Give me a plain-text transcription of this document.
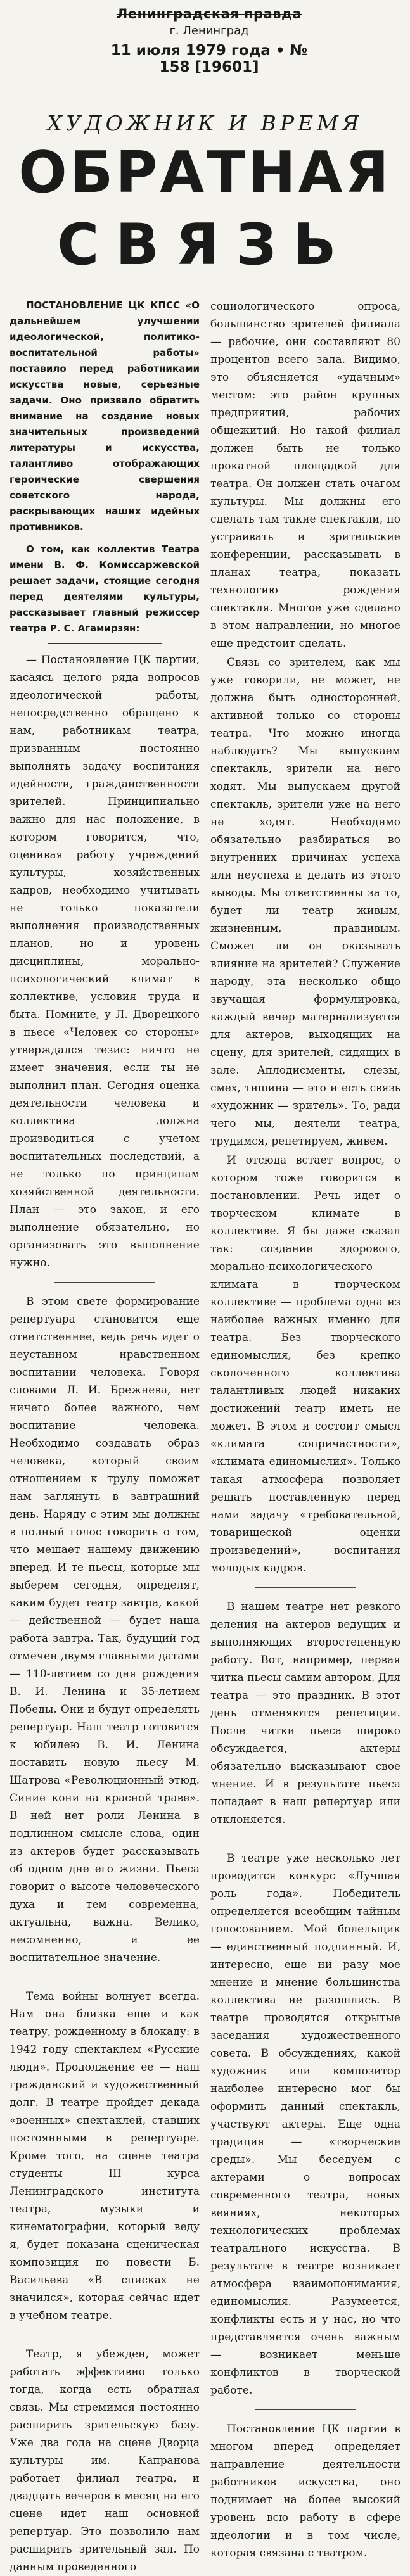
Ленинградская правда
г. Ленинград
11 июля 1979 года • № 158 [19601]
ХУДОЖНИК И ВРЕМЯ
ОБРАТНАЯ
СВЯЗЬ

ПОСТАНОВЛЕНИЕ ЦК КПСС «О дальнейшем улучшении идеологической, политико-воспитательной работы» поставило перед работниками искусства новые, серьезные задачи. Оно призвало обратить внимание на создание новых значительных произведений литературы и искусства, талантливо отображающих героические свершения советского народа, раскрывающих наших идейных противников.

О том, как коллектив Театра имени В. Ф. Комиссаржевской решает задачи, стоящие сегодня перед деятелями культуры, рассказывает главный режиссер театра Р. С. Агамирзян:

— Постановление ЦК партии, касаясь целого ряда вопросов идеологической работы, непосредственно обращено к нам, работникам театра, призванным постоянно выполнять задачу воспитания идейности, гражданственности зрителей. Принципиально важно для нас положение, в котором говорится, что, оценивая работу учреждений культуры, хозяйственных кадров, необходимо учитывать не только показатели выполнения производственных планов, но и уровень дисциплины, морально-психологический климат в коллективе, условия труда и быта. Помните, у Л. Дворецкого в пьесе «Человек со стороны» утверждался тезис: ничто не имеет значения, если ты не выполнил план. Сегодня оценка деятельности человека и коллектива должна производиться с учетом воспитательных последствий, а не только по принципам хозяйственной деятельности. План — это закон, и его выполнение обязательно, но организовать это выполнение нужно.

В этом свете формирование репертуара становится еще ответственнее, ведь речь идет о неустанном нравственном воспитании человека. Говоря словами Л. И. Брежнева, нет ничего более важного, чем воспитание человека. Необходимо создавать образ человека, который своим отношением к труду поможет нам заглянуть в завтрашний день. Наряду с этим мы должны в полный голос говорить о том, что мешает нашему движению вперед. И те пьесы, которые мы выберем сегодня, определят, каким будет театр завтра, какой — действенной — будет наша работа завтра. Так, будущий год отмечен двумя главными датами — 110-летием со дня рождения В. И. Ленина и 35-летием Победы. Они и будут определять репертуар. Наш театр готовится к юбилею В. И. Ленина поставить новую пьесу М. Шатрова «Революционный этюд. Синие кони на красной траве». В ней нет роли Ленина в подлинном смысле слова, один из актеров будет рассказывать об одном дне его жизни. Пьеса говорит о высоте человеческого духа и тем современна, актуальна, важна. Велико, несомненно, и ее воспитательное значение.

Тема войны волнует всегда. Нам она близка еще и как театру, рожденному в блокаду: в 1942 году спектаклем «Русские люди». Продолжение ее — наш гражданский и художественный долг. В театре пройдет декада «военных» спектаклей, ставших постоянными в репертуаре. Кроме того, на сцене театра студенты III курса Ленинградского института театра, музыки и кинематографии, который веду я, будет показана сценическая композиция по повести Б. Васильева «В списках не значился», которая сейчас идет в учебном театре.

Театр, я убежден, может работать эффективно только тогда, когда есть обратная связь. Мы стремимся постоянно расширить зрительскую базу. Уже два года на сцене Дворца культуры им. Капранова работает филиал театра, и двадцать вечеров в месяц на его сцене идет наш основной репертуар. Это позволило нам расширить зрительный зал. По данным проведенного

социологического опроса, большинство зрителей филиала — рабочие, они составляют 80 процентов всего зала. Видимо, это объясняется «удачным» местом: это район крупных предприятий, рабочих общежитий. Но такой филиал должен быть не только прокатной площадкой для театра. Он должен стать очагом культуры. Мы должны его сделать там такие спектакли, по устраивать и зрительские конференции, рассказывать в планах театра, показать технологию рождения спектакля. Многое уже сделано в этом направлении, но многое еще предстоит сделать.

Связь со зрителем, как мы уже говорили, не может, не должна быть односторонней, активной только со стороны театра. Что можно иногда наблюдать? Мы выпускаем спектакль, зрители на него ходят. Мы выпускаем другой спектакль, зрители уже на него не ходят. Необходимо обязательно разбираться во внутренних причинах успеха или неуспеха и делать из этого выводы. Мы ответственны за то, будет ли театр живым, жизненным, правдивым. Сможет ли он оказывать влияние на зрителей? Служение народу, эта несколько общо звучащая формулировка, каждый вечер материализуется для актеров, выходящих на сцену, для зрителей, сидящих в зале. Аплодисменты, слезы, смех, тишина — это и есть связь «художник — зритель». То, ради чего мы, деятели театра, трудимся, репетируем, живем.

И отсюда встает вопрос, о котором тоже говорится в постановлении. Речь идет о творческом климате в коллективе. Я бы даже сказал так: создание здорового, морально-психологического климата в творческом коллективе — проблема одна из наиболее важных именно для театра. Без творческого единомыслия, без крепко сколоченного коллектива талантливых людей никаких достижений театр иметь не может. В этом и состоит смысл «климата сопричастности», «климата единомыслия». Только такая атмосфера позволяет решать поставленную перед нами задачу «требовательной, товарищеской оценки произведений», воспитания молодых кадров.

В нашем театре нет резкого деления на актеров ведущих и выполняющих второстепенную работу. Вот, например, первая читка пьесы самим автором. Для театра — это праздник. В этот день отменяются репетиции. После читки пьеса широко обсуждается, актеры обязательно высказывают свое мнение. И в результате пьеса попадает в наш репертуар или отклоняется.

В театре уже несколько лет проводится конкурс «Лучшая роль года». Победитель определяется всеобщим тайным голосованием. Мой болельщик — единственный подлинный. И, интересно, еще ни разу мое мнение и мнение большинства коллектива не разошлись. В театре проводятся открытые заседания художественного совета. В обсуждениях, какой художник или композитор наиболее интересно мог бы оформить данный спектакль, участвуют актеры. Еще одна традиция — «творческие среды». Мы беседуем с актерами о вопросах современного театра, новых веяниях, некоторых технологических проблемах театрального искусства. В результате в театре возникает атмосфера взаимопонимания, единомыслия. Разумеется, конфликты есть и у нас, но что представляется очень важным — возникает меньше конфликтов в творческой работе.

Постановление ЦК партии в многом вперед определяет направление деятельности работников искусства, оно поднимает на более высокий уровень всю работу в сфере идеологии и в том числе, которая связана с театром.
